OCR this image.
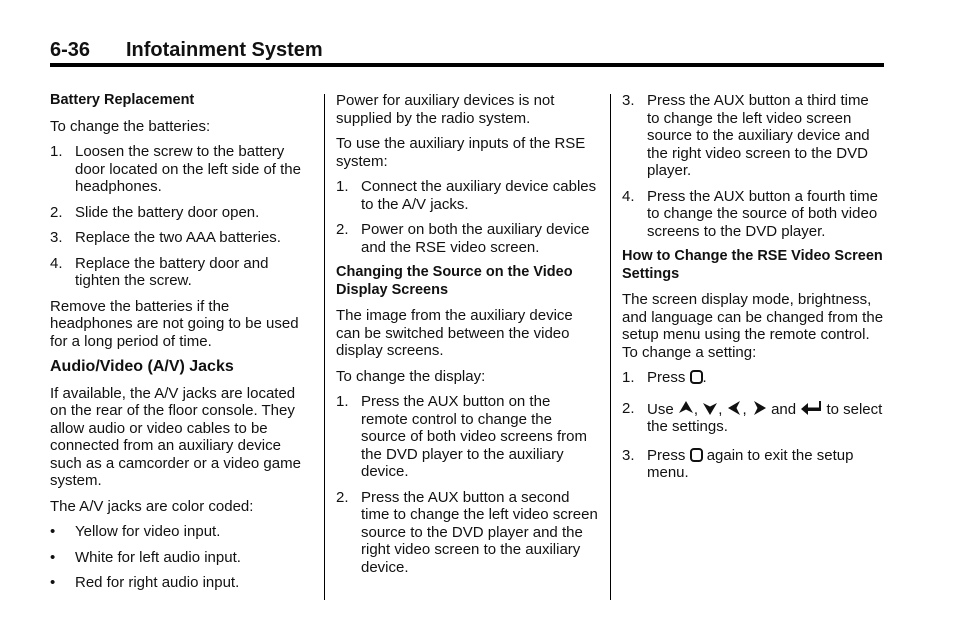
6-36 Infotainment System
Battery Replacement

To change the batteries:

1. Loosen the screw to the battery door located on the left side of the headphones.
2. Slide the battery door open.
3. Replace the two AAA batteries.
4. Replace the battery door and tighten the screw.

Remove the batteries if the headphones are not going to be used for a long period of time.

Audio/Video (A/V) Jacks

If available, the A/V jacks are located on the rear of the floor console. They allow audio or video cables to be connected from an auxiliary device such as a camcorder or a video game system.

The A/V jacks are color coded:

• Yellow for video input.
• White for left audio input.
• Red for right audio input.

Power for auxiliary devices is not supplied by the radio system.

To use the auxiliary inputs of the RSE system:

1. Connect the auxiliary device cables to the A/V jacks.
2. Power on both the auxiliary device and the RSE video screen.
Changing the Source on the Video Display Screens

The image from the auxiliary device can be switched between the video display screens.

To change the display:

1. Press the AUX button on the remote control to change the source of both video screens from the DVD player to the auxiliary device.
2. Press the AUX button a second time to change the left video screen source to the DVD player and the right video screen to the auxiliary device.
3. Press the AUX button a third time to change the left video screen source to the auxiliary device and the right video screen to the DVD player.
4. Press the AUX button a fourth time to change the source of both video screens to the DVD player.
How to Change the RSE Video Screen Settings

The screen display mode, brightness, and language can be changed from the setup menu using the remote control. To change a setting:

1. Press .
2. Use , , ,  and to select the settings.
3. Press again to exit the setup menu.
